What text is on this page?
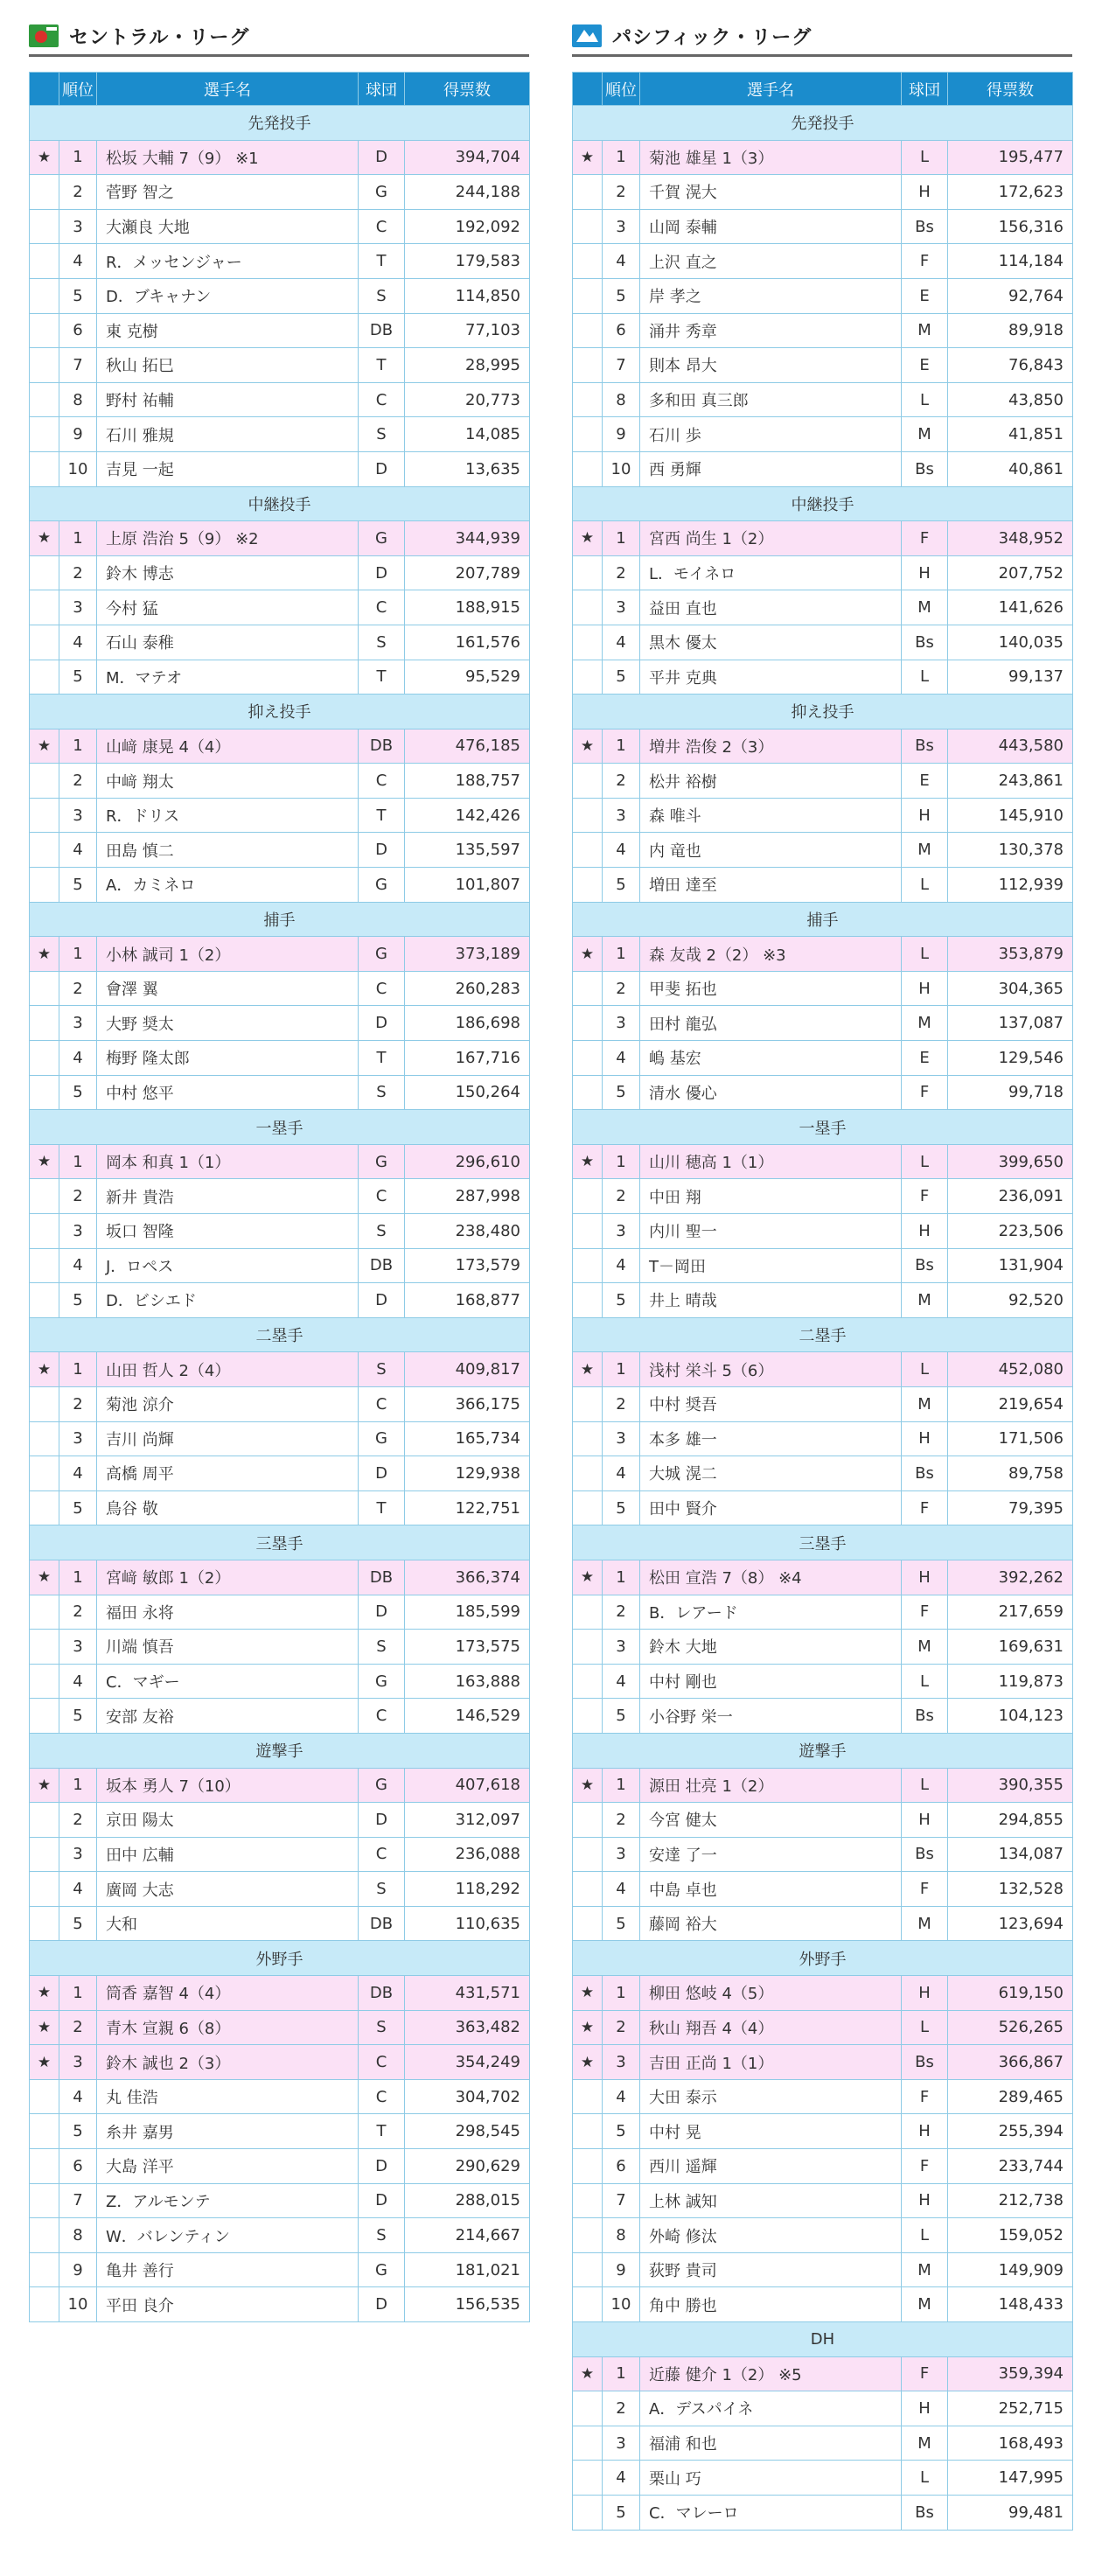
セントラル・リーグ
	順位	選手名	球団	得票数
先発投手				
★	1	松坂 大輔 7（9） ※1	D	394,704
	2	菅野 智之	G	244,188
	3	大瀬良 大地	C	192,092
	4	R．メッセンジャー	T	179,583
	5	D．ブキャナン	S	114,850
	6	東 克樹	DB	77,103
	7	秋山 拓巳	T	28,995
	8	野村 祐輔	C	20,773
	9	石川 雅規	S	14,085
	10	吉見 一起	D	13,635
中継投手				
★	1	上原 浩治 5（9） ※2	G	344,939
	2	鈴木 博志	D	207,789
	3	今村 猛	C	188,915
	4	石山 泰稚	S	161,576
	5	M．マテオ	T	95,529
抑え投手				
★	1	山﨑 康晃 4（4）	DB	476,185
	2	中﨑 翔太	C	188,757
	3	R．ドリス	T	142,426
	4	田島 慎二	D	135,597
	5	A．カミネロ	G	101,807
捕手				
★	1	小林 誠司 1（2）	G	373,189
	2	會澤 翼	C	260,283
	3	大野 奨太	D	186,698
	4	梅野 隆太郎	T	167,716
	5	中村 悠平	S	150,264
一塁手				
★	1	岡本 和真 1（1）	G	296,610
	2	新井 貴浩	C	287,998
	3	坂口 智隆	S	238,480
	4	J．ロペス	DB	173,579
	5	D．ビシエド	D	168,877
二塁手				
★	1	山田 哲人 2（4）	S	409,817
	2	菊池 涼介	C	366,175
	3	吉川 尚輝	G	165,734
	4	高橋 周平	D	129,938
	5	鳥谷 敬	T	122,751
三塁手				
★	1	宮﨑 敏郎 1（2）	DB	366,374
	2	福田 永将	D	185,599
	3	川端 慎吾	S	173,575
	4	C．マギー	G	163,888
	5	安部 友裕	C	146,529
遊撃手				
★	1	坂本 勇人 7（10）	G	407,618
	2	京田 陽太	D	312,097
	3	田中 広輔	C	236,088
	4	廣岡 大志	S	118,292
	5	大和	DB	110,635
外野手				
★	1	筒香 嘉智 4（4）	DB	431,571
★	2	青木 宣親 6（8）	S	363,482
★	3	鈴木 誠也 2（3）	C	354,249
	4	丸 佳浩	C	304,702
	5	糸井 嘉男	T	298,545
	6	大島 洋平	D	290,629
	7	Z．アルモンテ	D	288,015
	8	W．バレンティン	S	214,667
	9	亀井 善行	G	181,021
	10	平田 良介	D	156,535
パシフィック・リーグ
	順位	選手名	球団	得票数
先発投手				
★	1	菊池 雄星 1（3）	L	195,477
	2	千賀 滉大	H	172,623
	3	山岡 泰輔	Bs	156,316
	4	上沢 直之	F	114,184
	5	岸 孝之	E	92,764
	6	涌井 秀章	M	89,918
	7	則本 昂大	E	76,843
	8	多和田 真三郎	L	43,850
	9	石川 歩	M	41,851
	10	西 勇輝	Bs	40,861
中継投手				
★	1	宮西 尚生 1（2）	F	348,952
	2	L．モイネロ	H	207,752
	3	益田 直也	M	141,626
	4	黒木 優太	Bs	140,035
	5	平井 克典	L	99,137
抑え投手				
★	1	増井 浩俊 2（3）	Bs	443,580
	2	松井 裕樹	E	243,861
	3	森 唯斗	H	145,910
	4	内 竜也	M	130,378
	5	増田 達至	L	112,939
捕手				
★	1	森 友哉 2（2） ※3	L	353,879
	2	甲斐 拓也	H	304,365
	3	田村 龍弘	M	137,087
	4	嶋 基宏	E	129,546
	5	清水 優心	F	99,718
一塁手				
★	1	山川 穂高 1（1）	L	399,650
	2	中田 翔	F	236,091
	3	内川 聖一	H	223,506
	4	T－岡田	Bs	131,904
	5	井上 晴哉	M	92,520
二塁手				
★	1	浅村 栄斗 5（6）	L	452,080
	2	中村 奨吾	M	219,654
	3	本多 雄一	H	171,506
	4	大城 滉二	Bs	89,758
	5	田中 賢介	F	79,395
三塁手				
★	1	松田 宣浩 7（8） ※4	H	392,262
	2	B．レアード	F	217,659
	3	鈴木 大地	M	169,631
	4	中村 剛也	L	119,873
	5	小谷野 栄一	Bs	104,123
遊撃手				
★	1	源田 壮亮 1（2）	L	390,355
	2	今宮 健太	H	294,855
	3	安達 了一	Bs	134,087
	4	中島 卓也	F	132,528
	5	藤岡 裕大	M	123,694
外野手				
★	1	柳田 悠岐 4（5）	H	619,150
★	2	秋山 翔吾 4（4）	L	526,265
★	3	吉田 正尚 1（1）	Bs	366,867
	4	大田 泰示	F	289,465
	5	中村 晃	H	255,394
	6	西川 遥輝	F	233,744
	7	上林 誠知	H	212,738
	8	外崎 修汰	L	159,052
	9	荻野 貴司	M	149,909
	10	角中 勝也	M	148,433
DH				
★	1	近藤 健介 1（2） ※5	F	359,394
	2	A．デスパイネ	H	252,715
	3	福浦 和也	M	168,493
	4	栗山 巧	L	147,995
	5	C．マレーロ	Bs	99,481
